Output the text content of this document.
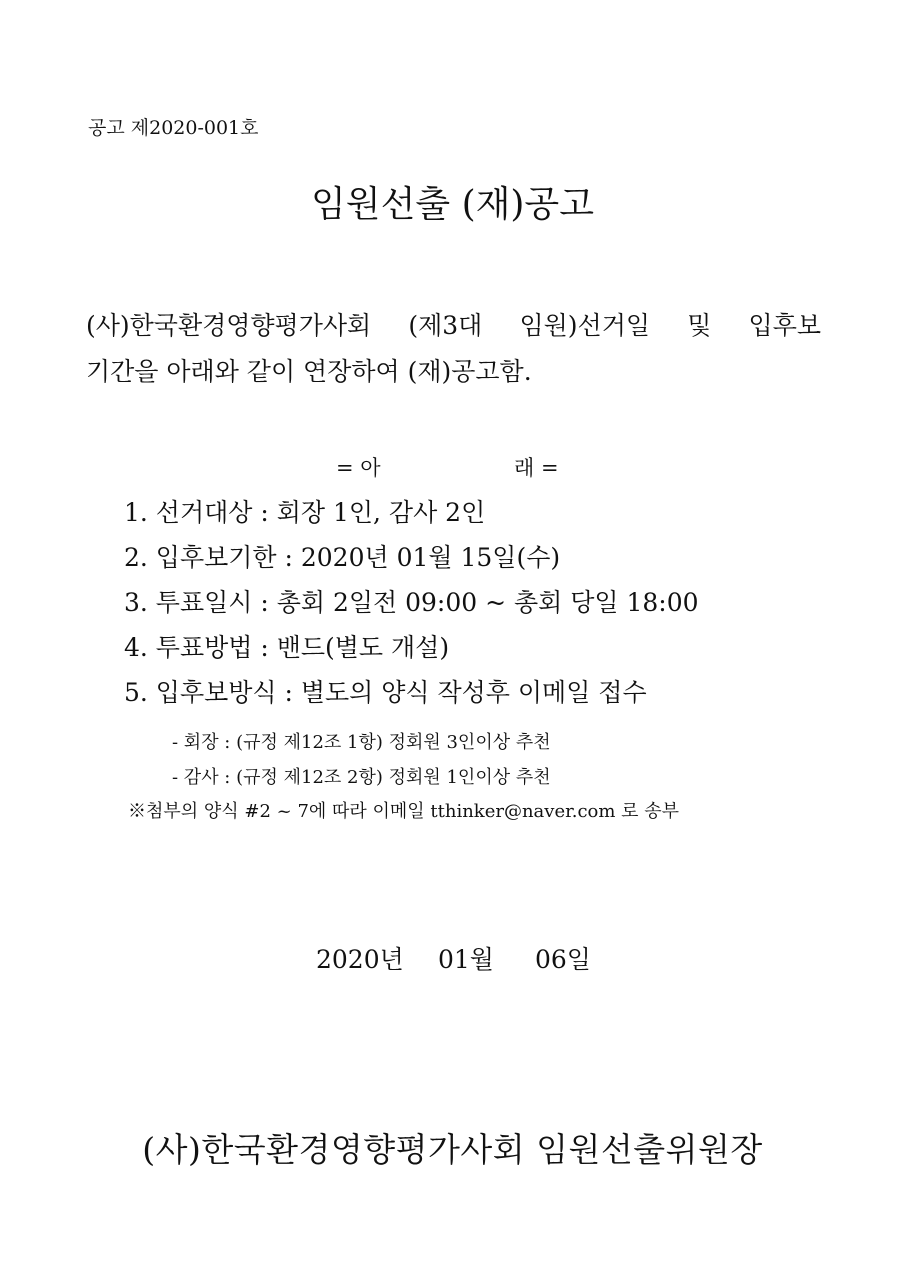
공고 제2020-001호
임원선출 (재)공고
(사)한국환경영향평가사회 (제3대 임원)선거일 및 입후보
기간을 아래와 같이 연장하여 (재)공고함.
= 아	래 =
1. 선거대상 : 회장 1인, 감사 2인
2. 입후보기한 : 2020년 01월 15일(수)
3. 투표일시 : 총회 2일전 09:00 ~ 총회 당일 18:00
4. 투표방법 : 밴드(별도 개설)
5. 입후보방식 : 별도의 양식 작성후 이메일 접수
- 회장 : (규정 제12조 1항) 정회원 3인이상 추천
- 감사 : (규정 제12조 2항) 정회원 1인이상 추천
※첨부의 양식 #2 ~ 7에 따라 이메일 tthinker@naver.com 로 송부
2020년 01월 06일
(사)한국환경영향평가사회 임원선출위원장
